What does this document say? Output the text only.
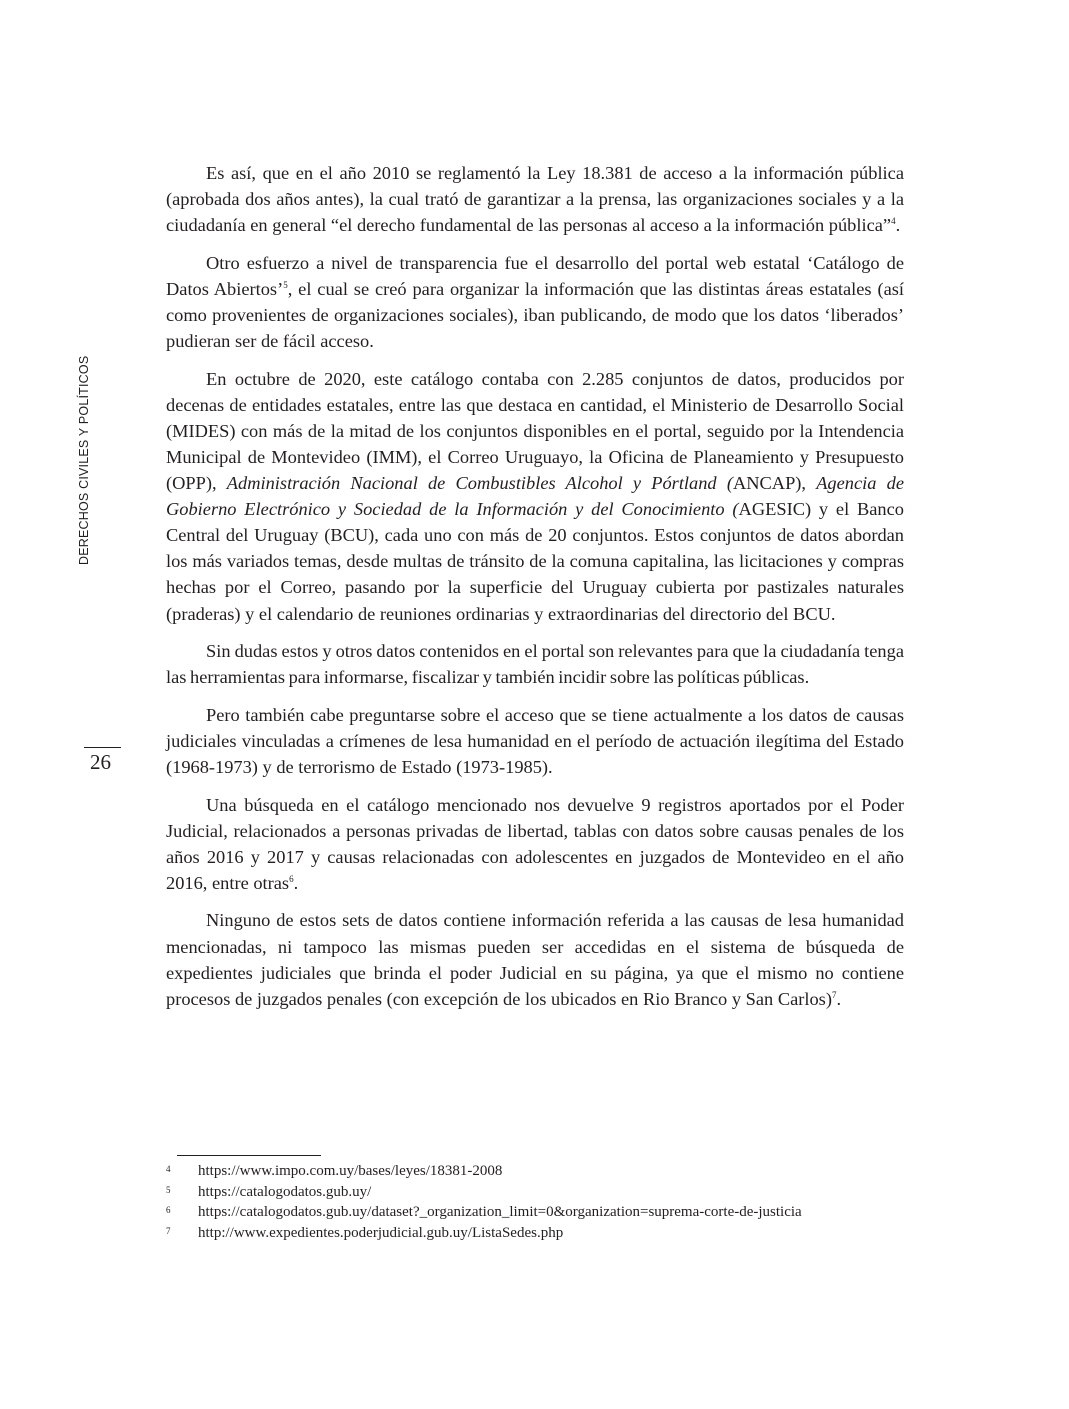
DERECHOS CIVILES Y POLÍTICOS
26

Es así, que en el año 2010 se reglamentó la Ley 18.381 de acceso a la información pública (aprobada dos años antes), la cual trató de garantizar a la prensa, las organizaciones sociales y a la ciudadanía en general “el derecho fundamental de las personas al acceso a la información pública”$^4$.

Otro esfuerzo a nivel de transparencia fue el desarrollo del portal web estatal ‘Catálogo de Datos Abiertos’$^5$, el cual se creó para organizar la información que las distintas áreas estatales (así como provenientes de organizaciones sociales), iban publicando, de modo que los datos ‘liberados’ pudieran ser de fácil acceso.

En octubre de 2020, este catálogo contaba con 2.285 conjuntos de datos, producidos por decenas de entidades estatales, entre las que destaca en cantidad, el Ministerio de Desarrollo Social (MIDES) con más de la mitad de los conjuntos disponibles en el portal, seguido por la Intendencia Municipal de Montevideo (IMM), el Correo Uruguayo, la Oficina de Planeamiento y Presupuesto (OPP), Administración Nacional de Combustibles Alcohol y Pórtland (ANCAP), Agencia de Gobierno Electrónico y Sociedad de la Información y del Conocimiento (AGESIC) y el Banco Central del Uruguay (BCU), cada uno con más de 20 conjuntos. Estos conjuntos de datos abordan los más variados temas, desde multas de tránsito de la comuna capitalina, las licitaciones y compras hechas por el Correo, pasando por la superficie del Uruguay cubierta por pastizales naturales (praderas) y el calendario de reuniones ordinarias y extraordinarias del directorio del BCU.

Sin dudas estos y otros datos contenidos en el portal son relevantes para que la ciudadanía tenga las herramientas para informarse, fiscalizar y también incidir sobre las políticas públicas.

Pero también cabe preguntarse sobre el acceso que se tiene actualmente a los datos de causas judiciales vinculadas a crímenes de lesa humanidad en el período de actuación ilegítima del Estado (1968-1973) y de terrorismo de Estado (1973-1985).

Una búsqueda en el catálogo mencionado nos devuelve 9 registros aportados por el Poder Judicial, relacionados a personas privadas de libertad, tablas con datos sobre causas penales de los años 2016 y 2017 y causas relacionadas con adolescentes en juzgados de Montevideo en el año 2016, entre otras$^6$.

Ninguno de estos sets de datos contiene información referida a las causas de lesa humanidad mencionadas, ni tampoco las mismas pueden ser accedidas en el sistema de búsqueda de expedientes judiciales que brinda el poder Judicial en su página, ya que el mismo no contiene procesos de juzgados penales (con excepción de los ubicados en Rio Branco y San Carlos)$^7$.

4	https://www.impo.com.uy/bases/leyes/18381-2008
5	https://catalogodatos.gub.uy/
6	https://catalogodatos.gub.uy/dataset?_organization_limit=0&organization=suprema-corte-de-justicia
7	http://www.expedientes.poderjudicial.gub.uy/ListaSedes.php
